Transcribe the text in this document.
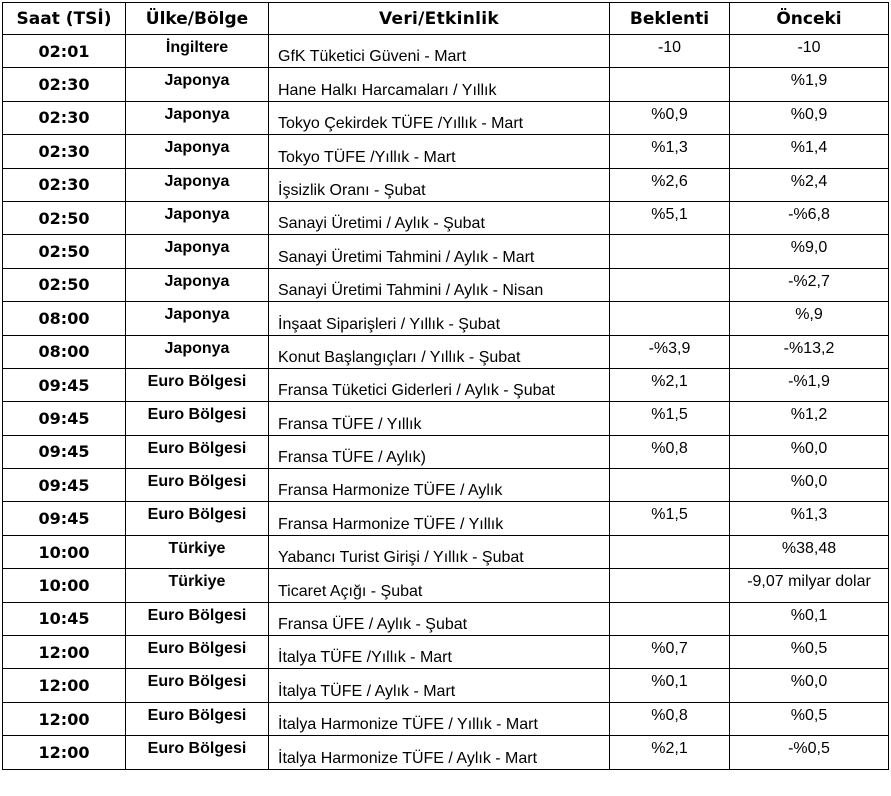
Saat (TSİ)	Ülke/Bölge	Veri/Etkinlik	Beklenti	Önceki
02:01	İngiltere	GfK Tüketici Güveni - Mart	-10	-10
02:30	Japonya	Hane Halkı Harcamaları / Yıllık		%1,9
02:30	Japonya	Tokyo Çekirdek TÜFE /Yıllık - Mart	%0,9	%0,9
02:30	Japonya	Tokyo TÜFE /Yıllık - Mart	%1,3	%1,4
02:30	Japonya	İşsizlik Oranı - Şubat	%2,6	%2,4
02:50	Japonya	Sanayi Üretimi / Aylık - Şubat	%5,1	-%6,8
02:50	Japonya	Sanayi Üretimi Tahmini / Aylık - Mart		%9,0
02:50	Japonya	Sanayi Üretimi Tahmini / Aylık - Nisan		-%2,7
08:00	Japonya	İnşaat Siparişleri / Yıllık - Şubat		%,9
08:00	Japonya	Konut Başlangıçları / Yıllık - Şubat	-%3,9	-%13,2
09:45	Euro Bölgesi	Fransa Tüketici Giderleri / Aylık - Şubat	%2,1	-%1,9
09:45	Euro Bölgesi	Fransa TÜFE / Yıllık	%1,5	%1,2
09:45	Euro Bölgesi	Fransa TÜFE / Aylık)	%0,8	%0,0
09:45	Euro Bölgesi	Fransa Harmonize TÜFE / Aylık		%0,0
09:45	Euro Bölgesi	Fransa Harmonize TÜFE / Yıllık	%1,5	%1,3
10:00	Türkiye	Yabancı Turist Girişi / Yıllık - Şubat		%38,48
10:00	Türkiye	Ticaret Açığı - Şubat		-9,07 milyar dolar
10:45	Euro Bölgesi	Fransa ÜFE / Aylık - Şubat		%0,1
12:00	Euro Bölgesi	İtalya TÜFE /Yıllık - Mart	%0,7	%0,5
12:00	Euro Bölgesi	İtalya TÜFE / Aylık - Mart	%0,1	%0,0
12:00	Euro Bölgesi	İtalya Harmonize TÜFE / Yıllık - Mart	%0,8	%0,5
12:00	Euro Bölgesi	İtalya Harmonize TÜFE / Aylık - Mart	%2,1	-%0,5
